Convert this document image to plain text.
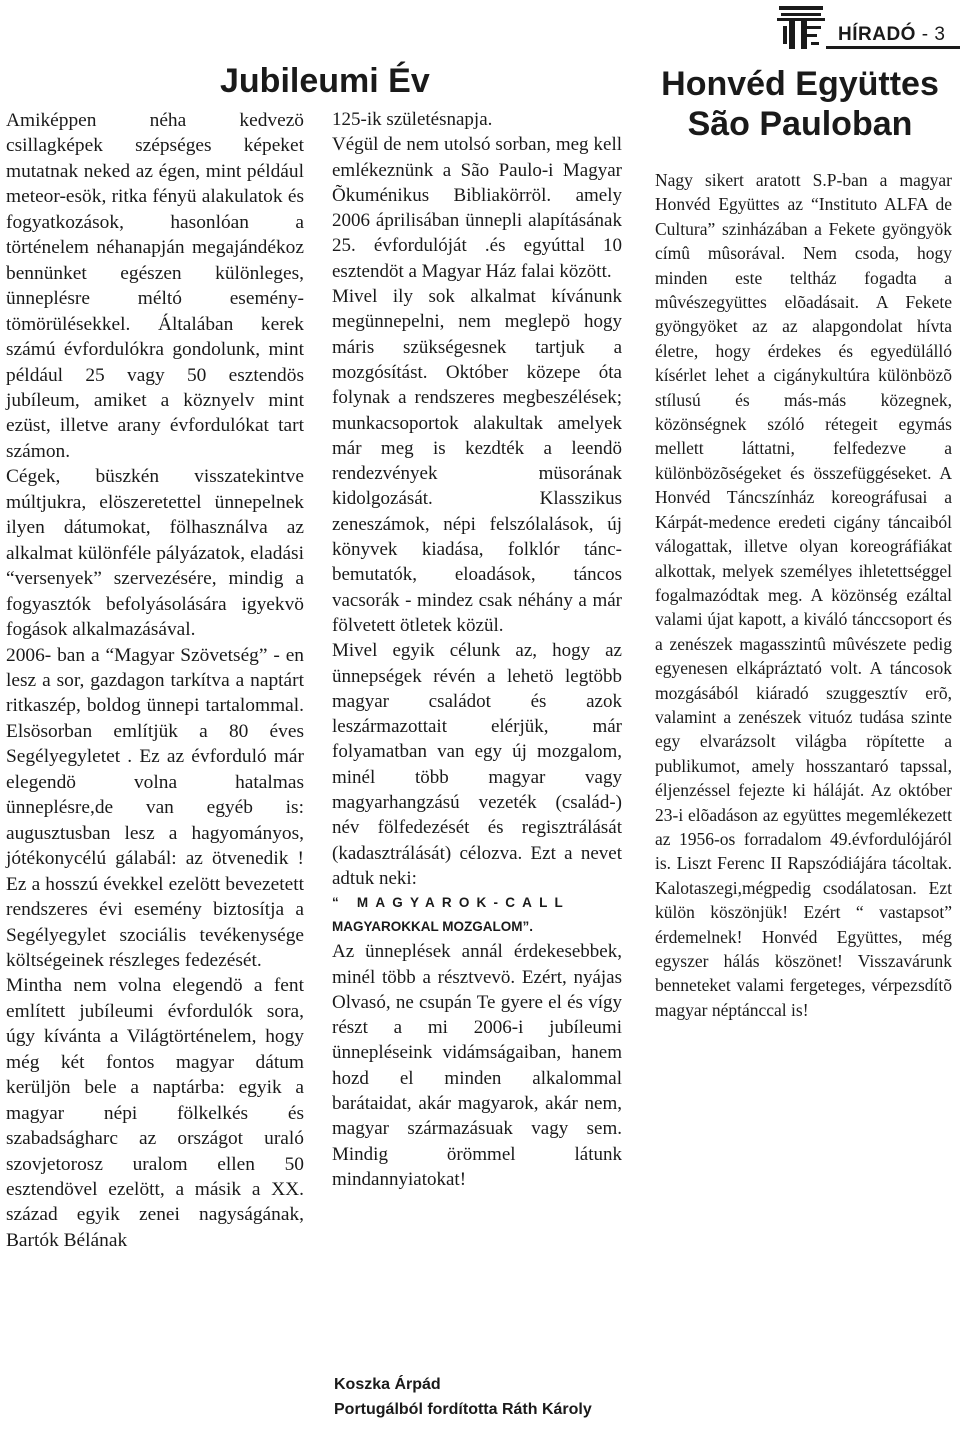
HÍRADÓ - 3
Jubileumi Év	Honvéd Együttes São Pauloban

Amiképpen néha kedvezö csillagképek szépséges képeket mutatnak neked az égen, mint például meteor-esök, ritka fényü alakulatok és fogyatkozások, hasonlóan a történelem néhanapján megajándékoz bennünket egészen különleges, ünneplésre méltó esemény-tömörülésekkel. Általában kerek számú évfordulókra gondolunk, mint például 25 vagy 50 esztendös jubíleum, amiket a köznyelv mint ezüst, illetve arany évfordulókat tart számon.

Cégek, büszkén visszatekintve múltjukra, elöszeretettel ünnepelnek ilyen dátumokat, fölhasználva az alkalmat különféle pályázatok, eladási “versenyek” szervezésére, mindig a fogyasztók befolyásolására igyekvö fogások alkalmazásával.

2006- ban a “Magyar Szövetség” - en lesz a sor, gazdagon tarkítva a naptárt ritkaszép, boldog ünnepi tartalommal. Elsösorban említjük a 80 éves Segélyegyletet . Ez az évforduló már elegendö volna hatalmas ünneplésre,de van egyéb is: augusztusban lesz a hagyományos, jótékonycélú gálabál: az ötvenedik ! Ez a hosszú évekkel ezelött bevezetett rendszeres évi esemény biztosítja a Segélyegylet szociális tevékenysége költségeinek részleges fedezését.

Mintha nem volna elegendö a fent említett jubíleumi évfordulók sora, úgy kívánta a Világtörténelem, hogy még két fontos magyar dátum kerüljön bele a naptárba: egyik a magyar népi fölkelkés és szabadságharc az országot uraló szovjetorosz uralom ellen 50 esztendövel ezelött, a másik a XX. század egyik zenei nagyságának, Bartók Bélának

125-ik születésnapja.

Végül de nem utolsó sorban, meg kell emlékeznünk a São Paulo-i Magyar Õkuménikus Bibliakörröl. amely 2006 áprilisában ünnepli alapításának 25. évfordulóját .és egyúttal 10 esztendöt a Magyar Ház falai között.

Mivel ily sok alkalmat kívánunk megünnepelni, nem meglepö hogy máris szükségesnek tartjuk a mozgósítást. Október közepe óta folynak a rendszeres megbeszélések; munkacsoportok alakultak amelyek már meg is kezdték a leendö rendezvények müsorának kidolgozását. Klasszikus zeneszámok, népi felszólalások, új könyvek kiadása, folklór tánc-bemutatók, eloadások, táncos vacsorák - mindez csak néhány a már fölvetett ötletek közül.

Mivel egyik célunk az, hogy az ünnepségek révén a lehetö legtöbb magyar családot és azok leszármazottait elérjük, már folyamatban van egy új mozgalom, minél több magyar vagy magyarhangzású vezeték (család-) név fölfedezését és regisztrálását (kadasztrálását) célozva. Ezt a nevet adtuk neki:

“ MAGYAROK-CALL
MAGYAROKKAL MOZGALOM”.

Az ünneplések annál érdekesebbek, minél több a résztvevö. Ezért, nyájas Olvasó, ne csupán Te gyere el és vígy részt a mi 2006-i jubíleumi ünnepléseink vidámságaiban, hanem hozd el minden alkalommal barátaidat, akár magyarok, akár nem, magyar származásuak vagy sem. Mindig örömmel látunk mindannyiatokat!

Koszka Árpád
Portugálból fordította Ráth Károly

Nagy sikert aratott S.P-ban a magyar Honvéd Együttes az “Instituto ALFA de Cultura” szinházában a Fekete gyöngyök címû mûsorával. Nem csoda, hogy minden este teltház fogadta a mûvészegyüttes elõadásait. A Fekete gyöngyöket az az alapgondolat hívta életre, hogy érdekes és egyedülálló kísérlet lehet a cigánykultúra különbözõ stílusú és más-más közegnek, közönségnek szóló rétegeit egymás mellett láttatni, felfedezve a különbözõségeket és összefüggéseket. A Honvéd Táncszínház koreográfusai a Kárpát-medence eredeti cigány táncaiból válogattak, illetve olyan koreográfiákat alkottak, melyek személyes ihletettséggel fogalmazódtak meg. A közönség ezáltal valami újat kapott, a kiváló tánccsoport és a zenészek magasszintû mûvészete pedig egyenesen elkápráztató volt. A táncosok mozgásából kiáradó szuggesztív erõ, valamint a zenészek vituóz tudása szinte egy elvarázsolt világba röpítette a publikumot, amely hosszantaró tapssal, éljenzéssel fejezte ki háláját. Az október 23-i elõadáson az együttes megemlékezett az 1956-os forradalom 49.évfordulójáról is. Liszt Ferenc II Rapszódiájára tácoltak. Kalotaszegi,mégpedig csodálatosan. Ezt külön köszönjük! Ezért “ vastapsot” érdemelnek! Honvéd Együttes, még egyszer hálás köszönet! Visszavárunk benneteket valami fergeteges, vérpezsdítõ magyar néptánccal is!
